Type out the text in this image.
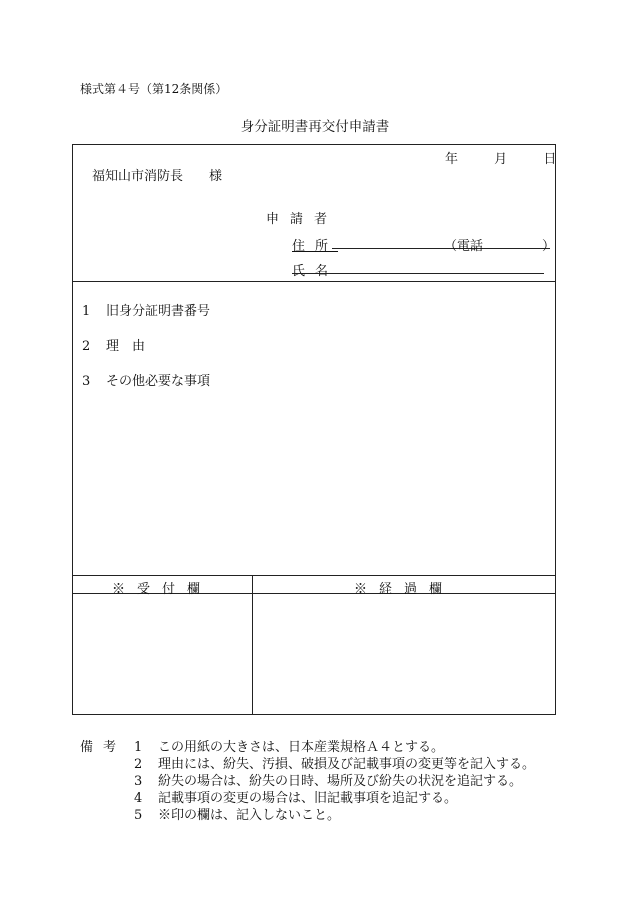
様式第４号（第12条関係）
身分証明書再交付申請書
年	月	日
福知山市消防長 様
申請者
住所	（電話	）
氏名
1 旧身分証明書番号
2 理由
3 その他必要な事項
※受付欄	※経過欄
備考 1 この用紙の大きさは、日本産業規格Ａ４とする。
2 理由には、紛失、汚損、破損及び記載事項の変更等を記入する。
3 紛失の場合は、紛失の日時、場所及び紛失の状況を追記する。
4 記載事項の変更の場合は、旧記載事項を追記する。
5 ※印の欄は、記入しないこと。
